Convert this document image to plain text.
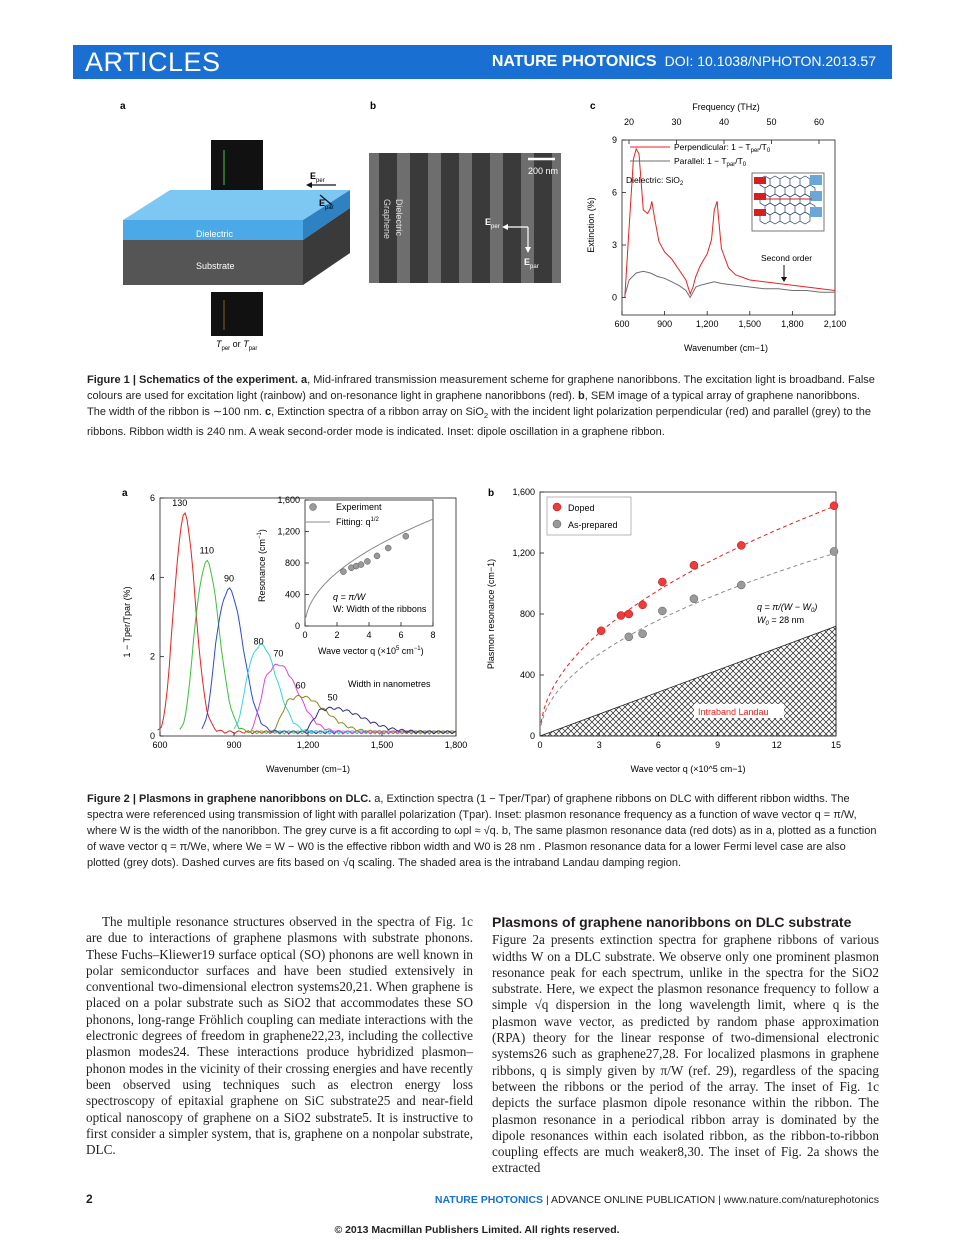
ARTICLES	NATURE PHOTONICS DOI: 10.1038/NPHOTON.2013.57
a
Dielectric
Substrate
$E_{per}$
$E_{par}$
$T_{per}$ or $T_{par}$
b
200 nm
Dielectric
Graphene	$E_{per}$
$E_{par}$
c
600	900	1,200 1,500 1,800 2,100
0
3
6
9
20	30	40	50	60
Frequency (THz)
Wavenumber (cm−1)
Extinction (%)
Perpendicular: $1 - T_{per}/T_0$
Parallel: $1 - T_{par}/T_0$
Dielectric: SiO$_2$
Second order
Figure 1 | Schematics of the experiment. a, Mid-infrared transmission measurement scheme for graphene nanoribbons. The excitation light is broadband. False colours are used for excitation light (rainbow) and on-resonance light in graphene nanoribbons (red). b, SEM image of a typical array of graphene nanoribbons. The width of the ribbon is ∼100 nm. c, Extinction spectra of a ribbon array on SiO$_2$ with the incident light polarization perpendicular (red) and parallel (grey) to the ribbons. Ribbon width is 240 nm. A weak second-order mode is indicated. Inset: dipole oscillation in a graphene ribbon.
a
600	900	1,200	1,500	1,800
0
2
4
6
Wavenumber (cm−1)
1 − Tper/Tpar (%)
130
110
90
80
70
60
50
Width in nanometres
0	2	4	6	8
0
400
800
1,200
1,600
Experiment
Fitting: $q^{1/2}$
q = π/W
W: Width of the ribbons
Wave vector q ($\times 10^5$ $cm^{-1}$)
Resonance $(cm^{-1})$
b
0	3	6	9	12	15
0
400
800
1,200
1,600
Wave vector q (×10^5 cm−1)
Plasmon resonance (cm−1)
Doped
As-prepared
$q = \pi/(W - W_0)$
$W_0 = 28$ nm
Intraband Landau
Figure 2 | Plasmons in graphene nanoribbons on DLC. a, Extinction spectra (1 − Tper/Tpar) of graphene ribbons on DLC with different ribbon widths. The spectra were referenced using transmission of light with parallel polarization (Tpar). Inset: plasmon resonance frequency as a function of wave vector q = π/W, where W is the width of the nanoribbon. The grey curve is a fit according to ωpl ≈ √q. b, The same plasmon resonance data (red dots) as in a, plotted as a function of wave vector q = π/We, where We = W − W0 is the effective ribbon width and W0 is 28 nm . Plasmon resonance data for a lower Fermi level case are also plotted (grey dots). Dashed curves are fits based on √q scaling. The shaded area is the intraband Landau damping region.

The multiple resonance structures observed in the spectra of Fig. 1c are due to interactions of graphene plasmons with substrate phonons. These Fuchs–Kliewer19 surface optical (SO) phonons are well known in polar semiconductor surfaces and have been studied extensively in conventional two-dimensional electron systems20,21. When graphene is placed on a polar substrate such as SiO2 that accommodates these SO phonons, long-range Fröhlich coupling can mediate interactions with the electronic degrees of freedom in graphene22,23, including the collective plasmon modes24. These interactions produce hybridized plasmon–phonon modes in the vicinity of their crossing energies and have recently been observed using techniques such as electron energy loss spectroscopy of epitaxial graphene on SiC substrate25 and near-field optical nanoscopy of graphene on a SiO2 substrate5. It is instructive to first consider a simpler system, that is, graphene on a nonpolar substrate, DLC.

Plasmons of graphene nanoribbons on DLC substrate

Figure 2a presents extinction spectra for graphene ribbons of various widths W on a DLC substrate. We observe only one prominent plasmon resonance peak for each spectrum, unlike in the spectra for the SiO2 substrate. Here, we expect the plasmon resonance frequency to follow a simple √q dispersion in the long wavelength limit, where q is the plasmon wave vector, as predicted by random phase approximation (RPA) theory for the linear response of two-dimensional electronic systems26 such as graphene27,28. For localized plasmons in graphene ribbons, q is simply given by π/W (ref. 29), regardless of the spacing between the ribbons or the period of the array. The inset of Fig. 1c depicts the surface plasmon dipole resonance within the ribbon. The plasmon resonance in a periodical ribbon array is dominated by the dipole resonances within each isolated ribbon, as the ribbon-to-ribbon coupling effects are much weaker8,30. The inset of Fig. 2a shows the extracted

2	NATURE PHOTONICS | ADVANCE ONLINE PUBLICATION | www.nature.com/naturephotonics
© 2013 Macmillan Publishers Limited. All rights reserved.
